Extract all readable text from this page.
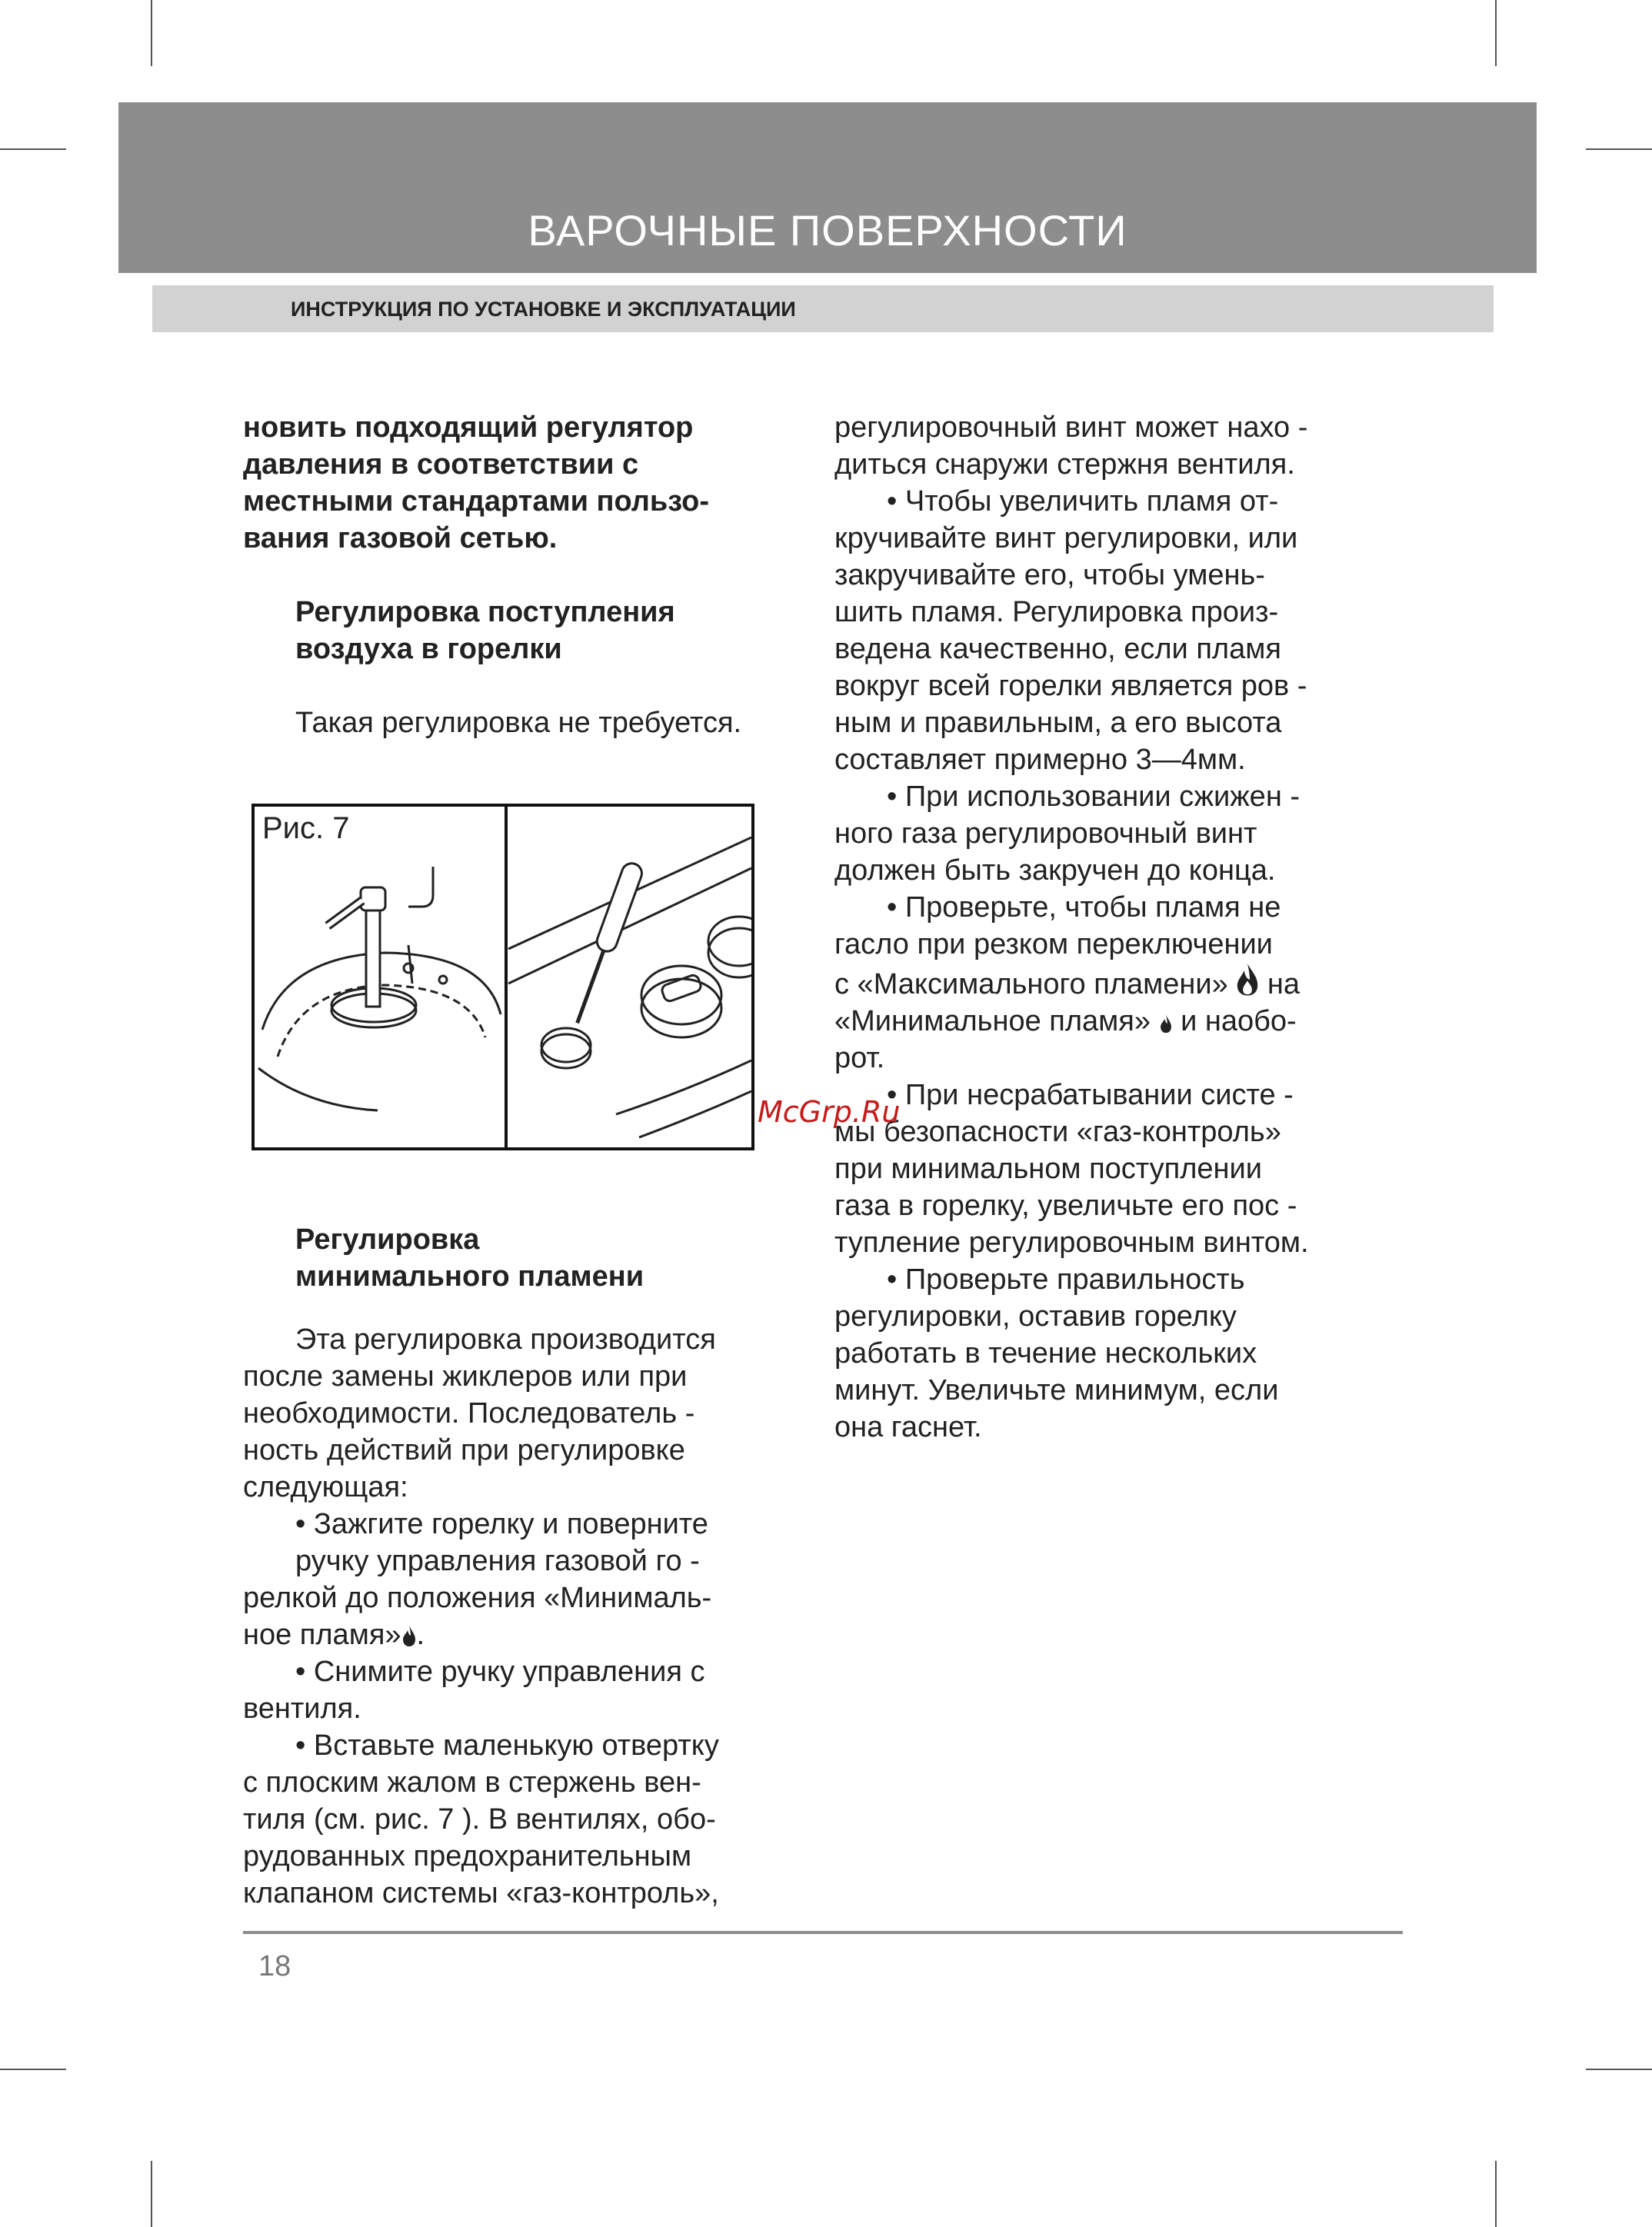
ВАРОЧНЫЕ ПОВЕРХНОСТИ
ИНСТРУКЦИЯ ПО УСТАНОВКЕ И ЭКСПЛУАТАЦИИ

новить подходящий регулятор

давления в соответствии с

местными стандартами пользо-

вания газовой сетью.

Регулировка поступления

воздуха в горелки

Такая регулировка не требуется.

Рис. 7

Регулировка

минимального пламени

Эта регулировка производится

после замены жиклеров или при

необходимости. Последователь -

ность действий при регулировке

следующая:

• Зажгите горелку и поверните

ручку управления газовой го -

релкой до положения «Минималь-

ное пламя» .

• Снимите ручку управления с

вентиля.

• Вставьте маленькую отвертку

с плоским жалом в стержень вен-

тиля (см. рис. 7 ). В вентилях, обо-

рудованных предохранительным

клапаном системы «газ-контроль»,

регулировочный винт может нахо -

диться снаружи стержня вентиля.

• Чтобы увеличить пламя от-

кручивайте винт регулировки, или

закручивайте его, чтобы умень-

шить пламя. Регулировка произ-

ведена качественно, если пламя

вокруг всей горелки является ров -

ным и правильным, а его высота

составляет примерно 3—4мм.

• При использовании сжижен -

ного газа регулировочный винт

должен быть закручен до конца.

• Проверьте, чтобы пламя не

гасло при резком переключении

с «Максимального пламени» на

«Минимальное пламя» и наобо-

рот.

• При несрабатывании систе -

мы безопасности «газ-контроль»

при минимальном поступлении

газа в горелку, увеличьте его пос -

тупление регулировочным винтом.

• Проверьте правильность

регулировки, оставив горелку

работать в течение нескольких

минут. Увеличьте минимум, если

она гаснет.

McGrp.Ru
18
